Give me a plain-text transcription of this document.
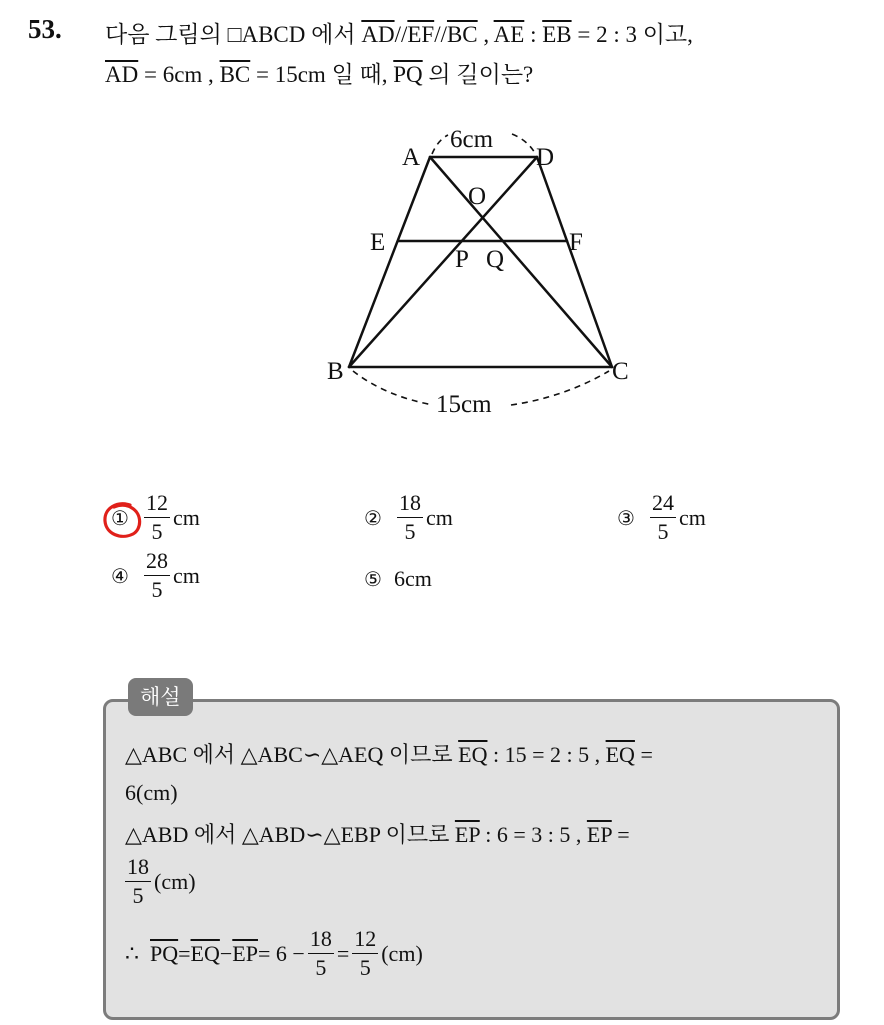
53. 다음 그림의 □ABCD 에서 $\overline{AD}//\overline{EF}//\overline{BC}$ , $\overline{AE}$ : $\overline{EB} = 2$ : 3 이고,
$\overline{AD} = 6cm$ , $\overline{BC} = 15cm$ 일 때, $\overline{PQ}$ 의 길이는?
A	D
O
E	F
P Q
B	C
6cm
15cm
① $\frac{12}{5}$ cm	② $\frac{18}{5}$ cm	③ $\frac{24}{5}$ cm
④ $\frac{28}{5}$ cm	⑤ 6cm
해설
△ABC 에서 △ABC∽△AEQ 이므로 $\overline{EQ}$ : 15 = 2 : 5 , $\overline{EQ}$ =
6(cm)
△ABD 에서 △ABD∽△EBP 이므로 $\overline{EP}$ : 6 = 3 : 5 , $\overline{EP}$ =
$\frac{18}{5} (cm)$
∴
$\overline{PQ} = \overline{EQ} - \overline{EP} = 6 - \frac{18}{5} = \frac{12}{5} (cm)$
